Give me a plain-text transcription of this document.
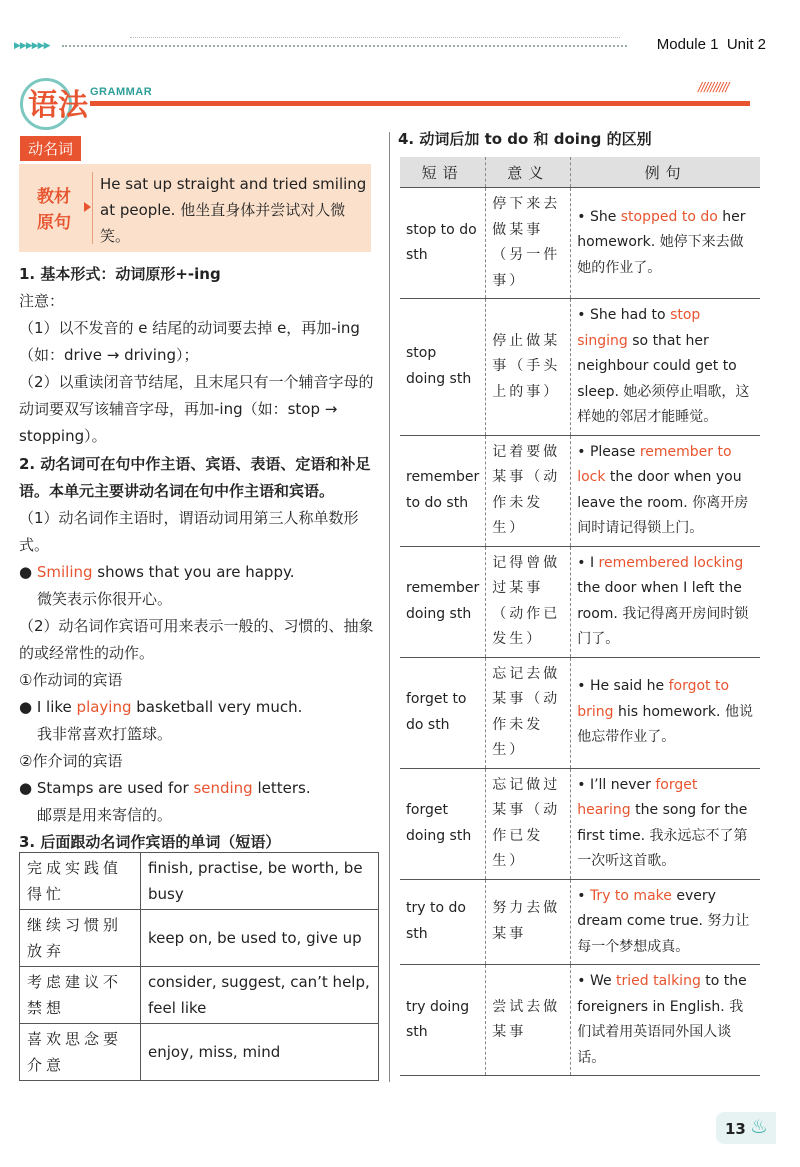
▶▶▶▶▶▶	Module 1 Unit 2
语法 GRAMMAR	//////////
动名词
教材原句
He sat up straight and tried smiling at people. 他坐直身体并尝试对人微笑。
1. 基本形式：动词原形+-ing
注意：
（1）以不发音的 e 结尾的动词要去掉 e，再加-ing（如：drive → driving）；
（2）以重读闭音节结尾，且末尾只有一个辅音字母的动词要双写该辅音字母，再加-ing（如：stop → stopping）。
2. 动名词可在句中作主语、宾语、表语、定语和补足语。本单元主要讲动名词在句中作主语和宾语。
（1）动名词作主语时，谓语动词用第三人称单数形式。
● Smiling shows that you are happy.
微笑表示你很开心。
（2）动名词作宾语可用来表示一般的、习惯的、抽象的或经常性的动作。
①作动词的宾语
● I like playing basketball very much.
我非常喜欢打篮球。
②作介词的宾语
● Stamps are used for sending letters.
邮票是用来寄信的。
3. 后面跟动名词作宾语的单词（短语）
完成实践值得忙	finish, practise, be worth, be busy
继续习惯别放弃	keep on, be used to, give up
考虑建议不禁想	consider, suggest, can’t help, feel like
喜欢思念要介意	enjoy, miss, mind
4. 动词后加 to do 和 doing 的区别
短语	意义	例句
stop to do sth	停下来去做某事（另一件事）	• She stopped to do her homework. 她停下来去做她的作业了。
stop doing sth	停止做某事（手头上的事）	• She had to stop singing so that her neighbour could get to sleep. 她必须停止唱歌，这样她的邻居才能睡觉。
remember to do sth	记着要做某事（动作未发生）	• Please remember to lock the door when you leave the room. 你离开房间时请记得锁上门。
remember doing sth	记得曾做过某事（动作已发生）	• I remembered locking the door when I left the room. 我记得离开房间时锁门了。
forget to do sth	忘记去做某事（动作未发生）	• He said he forgot to bring his homework. 他说他忘带作业了。
forget doing sth	忘记做过某事（动作已发生）	• I’ll never forget hearing the song for the first time. 我永远忘不了第一次听这首歌。
try to do sth	努力去做某事	• Try to make every dream come true. 努力让每一个梦想成真。
try doing sth	尝试去做某事	• We tried talking to the foreigners in English. 我们试着用英语同外国人谈话。
13 ♨
